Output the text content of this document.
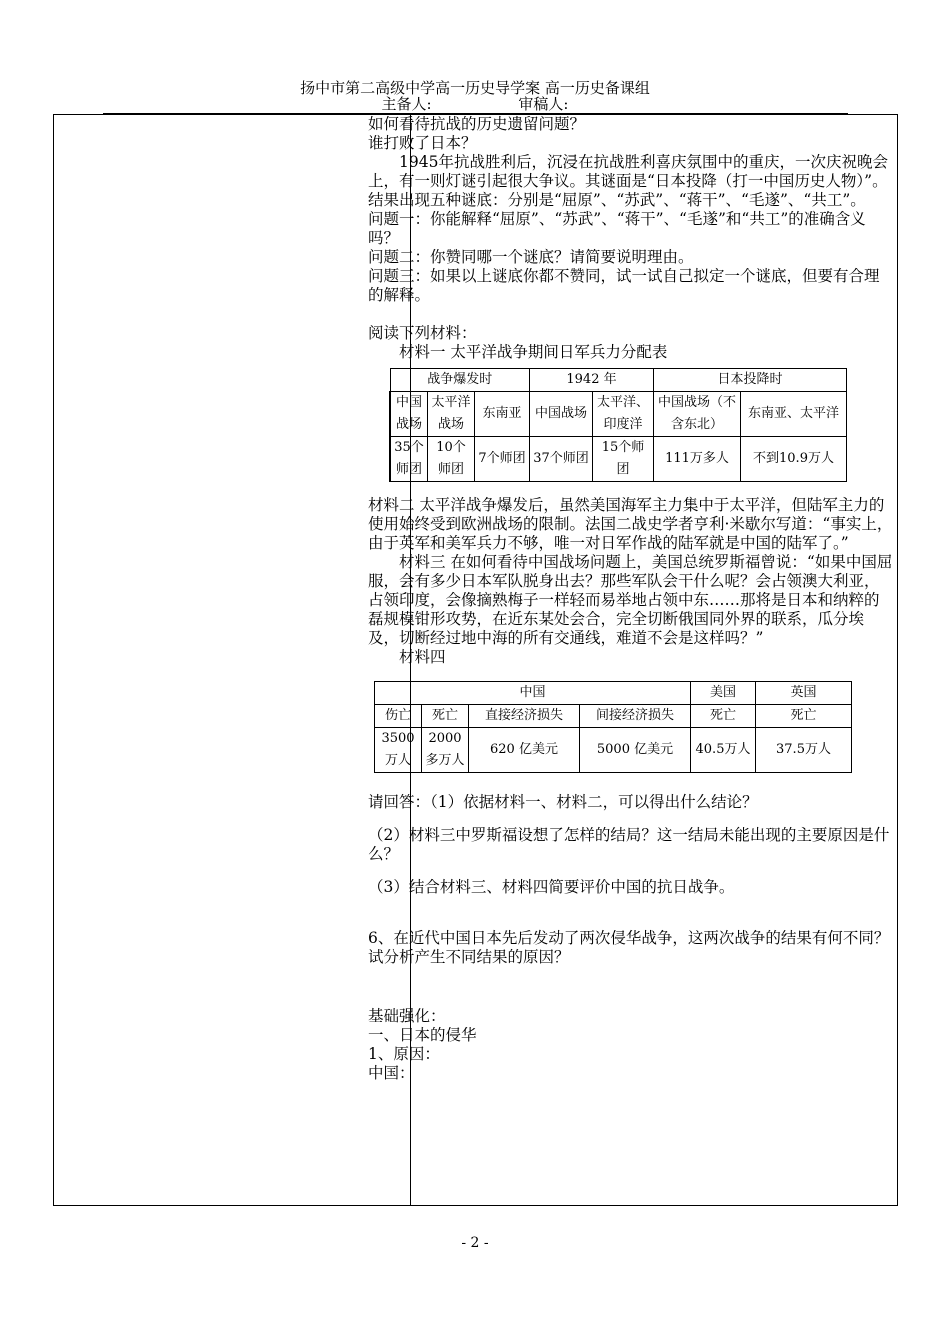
扬中市第二高级中学高一历史导学案 高一历史备课组
主备人:	审稿人:

如何看待抗战的历史遗留问题？

谁打败了日本？

1945年抗战胜利后，沉浸在抗战胜利喜庆氛围中的重庆，一次庆祝晚会上，有一则灯谜引起很大争议。其谜面是“日本投降（打一中国历史人物）”。结果出现五种谜底：分别是“屈原”、“苏武”、“蒋干”、“毛遂”、“共工”。

问题一：你能解释“屈原”、“苏武”、“蒋干”、“毛遂”和“共工”的准确含义吗？

问题二：你赞同哪一个谜底？请简要说明理由。

问题三：如果以上谜底你都不赞同，试一试自己拟定一个谜底，但要有合理的解释。

阅读下列材料：

材料一 太平洋战争期间日军兵力分配表

战争爆发时			1942 年		日本投降时	
中国战场	太平洋战场	东南亚	中国战场	太平洋、印度洋	中国战场（不含东北）	东南亚、太平洋
35个师团	10个师团	7个师团	37个师团	15个师团	111万多人	不到10.9万人

材料二 太平洋战争爆发后，虽然美国海军主力集中于太平洋，但陆军主力的使用始终受到欧洲战场的限制。法国二战史学者亨利·米歇尔写道：“事实上，由于英军和美军兵力不够，唯一对日军作战的陆军就是中国的陆军了。”

材料三 在如何看待中国战场问题上，美国总统罗斯福曾说：“如果中国屈服，会有多少日本军队脱身出去？那些军队会干什么呢？会占领澳大利亚，占领印度，会像摘熟梅子一样轻而易举地占领中东……那将是日本和纳粹的磊规模钳形攻势，在近东某处会合，完全切断俄国同外界的联系，瓜分埃及，切断经过地中海的所有交通线，难道不会是这样吗？”

材料四

中国				美国	英国
伤亡	死亡	直接经济损失	间接经济损失	死亡	死亡
3500万人	2000多万人	620 亿美元	5000 亿美元	40.5万人	37.5万人

请回答：（1）依据材料一、材料二，可以得出什么结论？

（2）材料三中罗斯福设想了怎样的结局？这一结局未能出现的主要原因是什么？

（3）结合材料三、材料四简要评价中国的抗日战争。

6、在近代中国日本先后发动了两次侵华战争，这两次战争的结果有何不同？试分析产生不同结果的原因？

基础强化：

一、日本的侵华

1、原因：

中国：

- 2 -
